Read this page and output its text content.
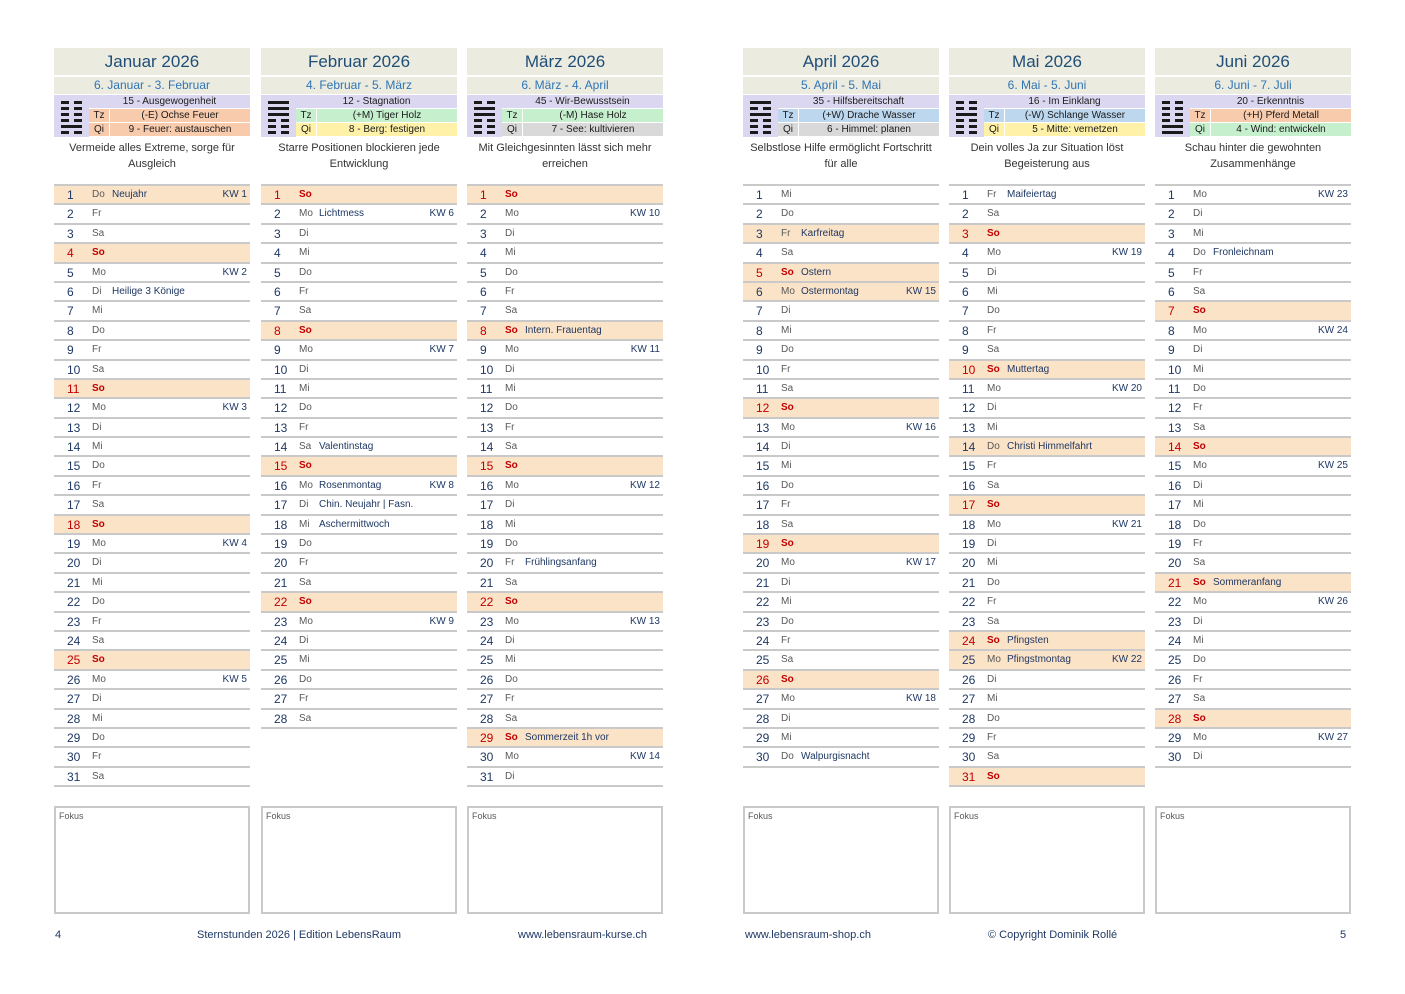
Januar 2026
6. Januar - 3. Februar
15 - Ausgewogenheit
Tz	(-E) Ochse Feuer
Qi	9 - Feuer: austauschen
Vermeide alles Extreme, sorge für Ausgleich
1 Do Neujahr	KW 1
2 Fr
3 Sa
4 So
5 Mo	KW 2
6 Di Heilige 3 Könige
7 Mi
8 Do
9 Fr
10 Sa
11 So
12 Mo	KW 3
13 Di
14 Mi
15 Do
16 Fr
17 Sa
18 So
19 Mo	KW 4
20 Di
21 Mi
22 Do
23 Fr
24 Sa
25 So
26 Mo	KW 5
27 Di
28 Mi
29 Do
30 Fr
31 Sa
Fokus
Februar 2026
4. Februar - 5. März
12 - Stagnation
Tz	(+M) Tiger Holz
Qi	8 - Berg: festigen
Starre Positionen blockieren jede Entwicklung
1 So
2 Mo Lichtmess	KW 6
3 Di
4 Mi
5 Do
6 Fr
7 Sa
8 So
9 Mo	KW 7
10 Di
11 Mi
12 Do
13 Fr
14 Sa Valentinstag
15 So
16 Mo Rosenmontag	KW 8
17 Di Chin. Neujahr | Fasn.
18 Mi Aschermittwoch
19 Do
20 Fr
21 Sa
22 So
23 Mo	KW 9
24 Di
25 Mi
26 Do
27 Fr
28 Sa
Fokus
März 2026
6. März - 4. April
45 - Wir-Bewusstsein
Tz	(-M) Hase Holz
Qi	7 - See: kultivieren
Mit Gleichgesinnten lässt sich mehr erreichen
1 So
2 Mo	KW 10
3 Di
4 Mi
5 Do
6 Fr
7 Sa
8 So Intern. Frauentag
9 Mo	KW 11
10 Di
11 Mi
12 Do
13 Fr
14 Sa
15 So
16 Mo	KW 12
17 Di
18 Mi
19 Do
20 Fr Frühlingsanfang
21 Sa
22 So
23 Mo	KW 13
24 Di
25 Mi
26 Do
27 Fr
28 Sa
29 So Sommerzeit 1h vor
30 Mo	KW 14
31 Di
Fokus
April 2026
5. April - 5. Mai
35 - Hilfsbereitschaft
Tz	(+W) Drache Wasser
Qi	6 - Himmel: planen
Selbstlose Hilfe ermöglicht Fortschritt für alle
1 Mi
2 Do
3 Fr Karfreitag
4 Sa
5 So Ostern
6 Mo Ostermontag	KW 15
7 Di
8 Mi
9 Do
10 Fr
11 Sa
12 So
13 Mo	KW 16
14 Di
15 Mi
16 Do
17 Fr
18 Sa
19 So
20 Mo	KW 17
21 Di
22 Mi
23 Do
24 Fr
25 Sa
26 So
27 Mo	KW 18
28 Di
29 Mi
30 Do Walpurgisnacht
Fokus
Mai 2026
6. Mai - 5. Juni
16 - Im Einklang
Tz	(-W) Schlange Wasser
Qi	5 - Mitte: vernetzen
Dein volles Ja zur Situation löst Begeisterung aus
1 Fr Maifeiertag
2 Sa
3 So
4 Mo	KW 19
5 Di
6 Mi
7 Do
8 Fr
9 Sa
10 So Muttertag
11 Mo	KW 20
12 Di
13 Mi
14 Do Christi Himmelfahrt
15 Fr
16 Sa
17 So
18 Mo	KW 21
19 Di
20 Mi
21 Do
22 Fr
23 Sa
24 So Pfingsten
25 Mo Pfingstmontag	KW 22
26 Di
27 Mi
28 Do
29 Fr
30 Sa
31 So
Fokus
Juni 2026
6. Juni - 7. Juli
20 - Erkenntnis
Tz	(+H) Pferd Metall
Qi	4 - Wind: entwickeln
Schau hinter die gewohnten Zusammenhänge
1 Mo	KW 23
2 Di
3 Mi
4 Do Fronleichnam
5 Fr
6 Sa
7 So
8 Mo	KW 24
9 Di
10 Mi
11 Do
12 Fr
13 Sa
14 So
15 Mo	KW 25
16 Di
17 Mi
18 Do
19 Fr
20 Sa
21 So Sommeranfang
22 Mo	KW 26
23 Di
24 Mi
25 Do
26 Fr
27 Sa
28 So
29 Mo	KW 27
30 Di
Fokus
4	Sternstunden 2026 | Edition LebensRaum	www.lebensraum-kurse.ch	www.lebensraum-shop.ch	© Copyright Dominik Rollé	5
